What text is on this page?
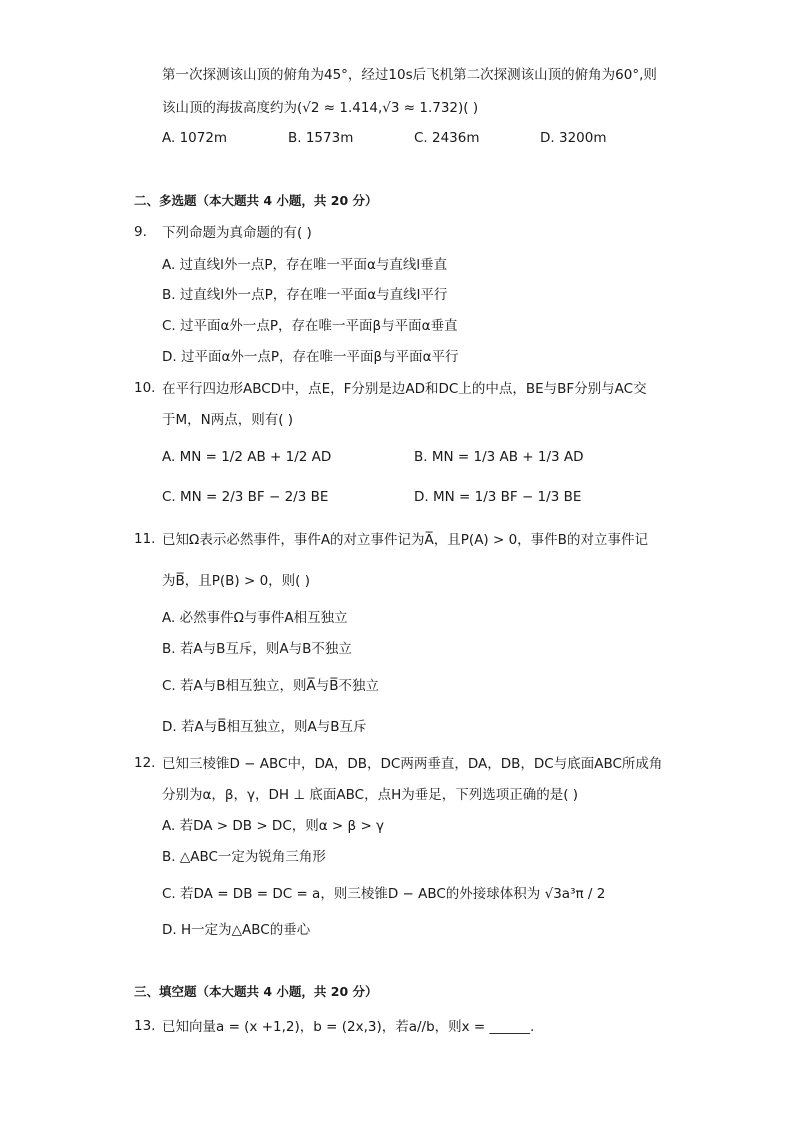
第一次探测该山顶的俯角为45°，经过10s后飞机第二次探测该山顶的俯角为60°,则
该山顶的海拔高度约为(√2 ≈ 1.414,√3 ≈ 1.732)( )
A. 1072m	B. 1573m	C. 2436m	D. 3200m
二、多选题（本大题共 4 小题，共 20 分）
9. 下列命题为真命题的有( )
A. 过直线l外一点P，存在唯一平面α与直线l垂直
B. 过直线l外一点P，存在唯一平面α与直线l平行
C. 过平面α外一点P，存在唯一平面β与平面α垂直
D. 过平面α外一点P，存在唯一平面β与平面α平行
10. 在平行四边形ABCD中，点E，F分别是边AD和DC上的中点，BE与BF分别与AC交
于M，N两点，则有( )
A. MN = 1/2 AB + 1/2 AD	B. MN = 1/3 AB + 1/3 AD
C. MN = 2/3 BF − 2/3 BE	D. MN = 1/3 BF − 1/3 BE
11. 已知Ω表示必然事件，事件A的对立事件记为A̅，且P(A) > 0，事件B的对立事件记
为B̅，且P(B) > 0，则( )
A. 必然事件Ω与事件A相互独立
B. 若A与B互斥，则A与B不独立
C. 若A与B相互独立，则A̅与B̅不独立
D. 若A与B̅相互独立，则A与B互斥
12. 已知三棱锥D − ABC中，DA，DB，DC两两垂直，DA，DB，DC与底面ABC所成角
分别为α，β，γ，DH ⊥ 底面ABC，点H为垂足，下列选项正确的是( )
A. 若DA > DB > DC，则α > β > γ
B. △ABC一定为锐角三角形
C. 若DA = DB = DC = a，则三棱锥D − ABC的外接球体积为 √3a³π / 2
D. H一定为△ABC的垂心
三、填空题（本大题共 4 小题，共 20 分）
13. 已知向量a = (x +1,2)，b = (2x,3)，若a//b，则x = ______.
